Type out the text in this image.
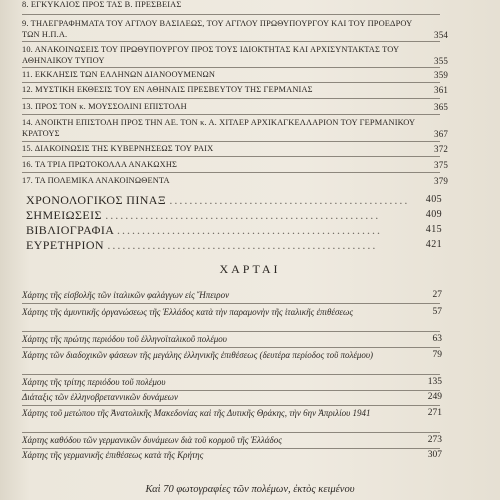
8. ΕΓΚΥΚΛΙΟΣ ΠΡΟΣ ΤΑΣ Β. ΠΡΕΣΒΕΙΑΣ
9. ΤΗΛΕΓΡΑΦΗΜΑΤΑ ΤΟΥ ΑΓΓΛΟΥ ΒΑΣΙΛΕΩΣ, ΤΟΥ ΑΓΓΛΟΥ ΠΡΩΘΥΠΟΥΡΓΟΥ ΚΑΙ ΤΟΥ ΠΡΟΕΔΡΟΥ ΤΩΝ Η.Π.Α.	354
10. ΑΝΑΚΟΙΝΩΣΕΙΣ ΤΟΥ ΠΡΩΘΥΠΟΥΡΓΟΥ ΠΡΟΣ ΤΟΥΣ ΙΔΙΟΚΤΗΤΑΣ ΚΑΙ ΑΡΧΙΣΥΝΤΑΚΤΑΣ ΤΟΥ ΑΘΗΝΑΙΚΟΥ ΤΥΠΟΥ	355
11. ΕΚΚΛΗΣΙΣ ΤΩΝ ΕΛΛΗΝΩΝ ΔΙΑΝΟΟΥΜΕΝΩΝ	359
12. ΜΥΣΤΙΚΗ ΕΚΘΕΣΙΣ ΤΟΥ ΕΝ ΑΘΗΝΑΙΣ ΠΡΕΣΒΕΥΤΟΥ ΤΗΣ ΓΕΡΜΑΝΙΑΣ	361
13. ΠΡΟΣ ΤΟΝ κ. ΜΟΥΣΣΟΛΙΝΙ ΕΠΙΣΤΟΛΗ	365
14. ΑΝΟΙΚΤΗ ΕΠΙΣΤΟΛΗ ΠΡΟΣ ΤΗΝ ΑΕ. ΤΟΝ κ. Α. ΧΙΤΛΕΡ ΑΡΧΙΚΑΓΚΕΛΛΑΡΙΟΝ ΤΟΥ ΓΕΡΜΑΝΙΚΟΥ ΚΡΑΤΟΥΣ	367
15. ΔΙΑΚΟΙΝΩΣΙΣ ΤΗΣ ΚΥΒΕΡΝΗΣΕΩΣ ΤΟΥ ΡΑΙΧ	372
16. ΤΑ ΤΡΙΑ ΠΡΩΤΟΚΟΛΛΑ ΑΝΑΚΩΧΗΣ	375
17. ΤΑ ΠΟΛΕΜΙΚΑ ΑΝΑΚΟΙΝΩΘΕΝΤΑ	379
ΧΡΟΝΟΛΟΓΙΚΟΣ ΠΙΝΑΞ ................................................ 405
ΣΗΜΕΙΩΣΕΙΣ .......................................................	409
ΒΙΒΛΙΟΓΡΑΦΙΑ .....................................................	415
ΕΥΡΕΤΗΡΙΟΝ ......................................................	421
ΧΑΡΤΑΙ
Χάρτης τῆς εἰσβολῆς τῶν ἰταλικῶν φαλάγγων εἰς Ἤπειρον	27
Χάρτης τῆς ἀμυντικῆς ὀργανώσεως τῆς Ἑλλάδος κατὰ τὴν παραμονὴν τῆς ἰταλικῆς ἐπιθέσεως	57
Χάρτης τῆς πρώτης περιόδου τοῦ ἑλληνοϊταλικοῦ πολέμου	63
Χάρτης τῶν διαδοχικῶν φάσεων τῆς μεγάλης ἑλληνικῆς ἐπιθέσεως (δευτέρα περίοδος τοῦ πολέμου)	79
Χάρτης τῆς τρίτης περιόδου τοῦ πολέμου	135
Διάταξις τῶν ἑλληνοβρεταννικῶν δυνάμεων	249
Χάρτης τοῦ μετώπου τῆς Ἀνατολικῆς Μακεδονίας καὶ τῆς Δυτικῆς Θράκης, τὴν 6ην Ἀπριλίου 1941	271
Χάρτης καθόδου τῶν γερμανικῶν δυνάμεων διὰ τοῦ κορμοῦ τῆς Ἑλλάδος	273
Χάρτης τῆς γερμανικῆς ἐπιθέσεως κατὰ τῆς Κρήτης	307
Καὶ 70 φωτογραφίες τῶν πολέμων, ἐκτὸς κειμένου
